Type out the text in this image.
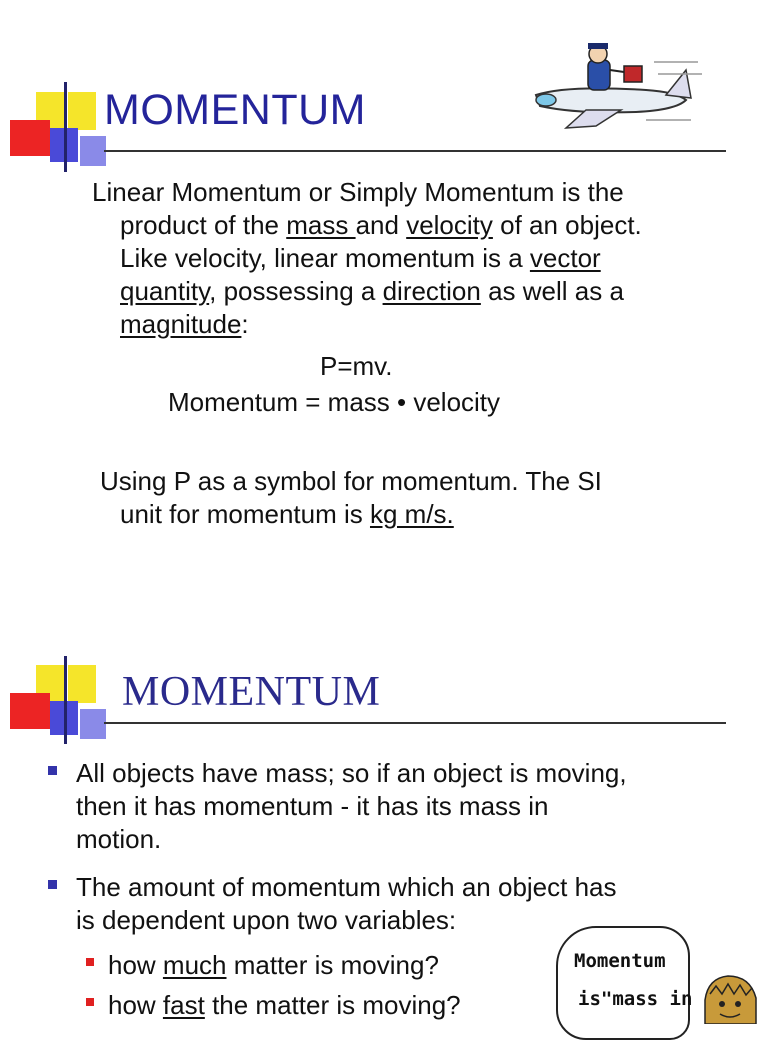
MOMENTUM
Linear Momentum or Simply Momentum is the
product of the mass and velocity of an object.
Like velocity, linear momentum is a vector
quantity, possessing a direction as well as a
magnitude:
P=mv.
Momentum = mass • velocity
Using P as a symbol for momentum. The SI
unit for momentum is kg m/s.
MOMENTUM
All objects have mass; so if an object is moving,
then it has momentum - it has its mass in
motion.
The amount of momentum which an object has
is dependent upon two variables:
how much matter is moving?
how fast the matter is moving?
Momentum
is"mass in
